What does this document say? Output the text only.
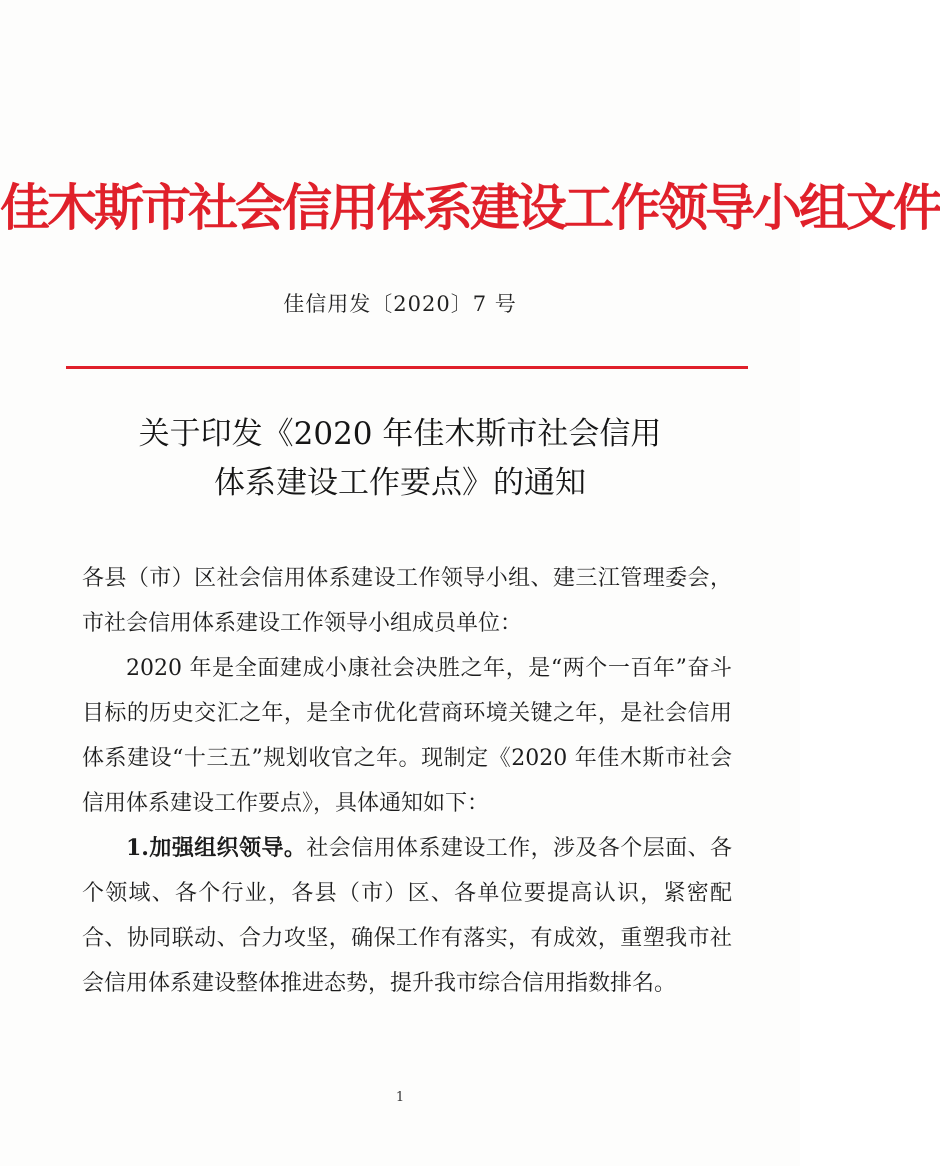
佳木斯市社会信用体系建设工作领导小组文件
佳信用发〔2020〕7 号
关于印发《2020 年佳木斯市社会信用
体系建设工作要点》的通知

各县（市）区社会信用体系建设工作领导小组、建三江管理委会，市社会信用体系建设工作领导小组成员单位：

2020 年是全面建成小康社会决胜之年，是“两个一百年”奋斗目标的历史交汇之年，是全市优化营商环境关键之年，是社会信用体系建设“十三五”规划收官之年。现制定《2020 年佳木斯市社会信用体系建设工作要点》，具体通知如下：

1.加强组织领导。社会信用体系建设工作，涉及各个层面、各个领域、各个行业，各县（市）区、各单位要提高认识，紧密配合、协同联动、合力攻坚，确保工作有落实，有成效，重塑我市社会信用体系建设整体推进态势，提升我市综合信用指数排名。

1
